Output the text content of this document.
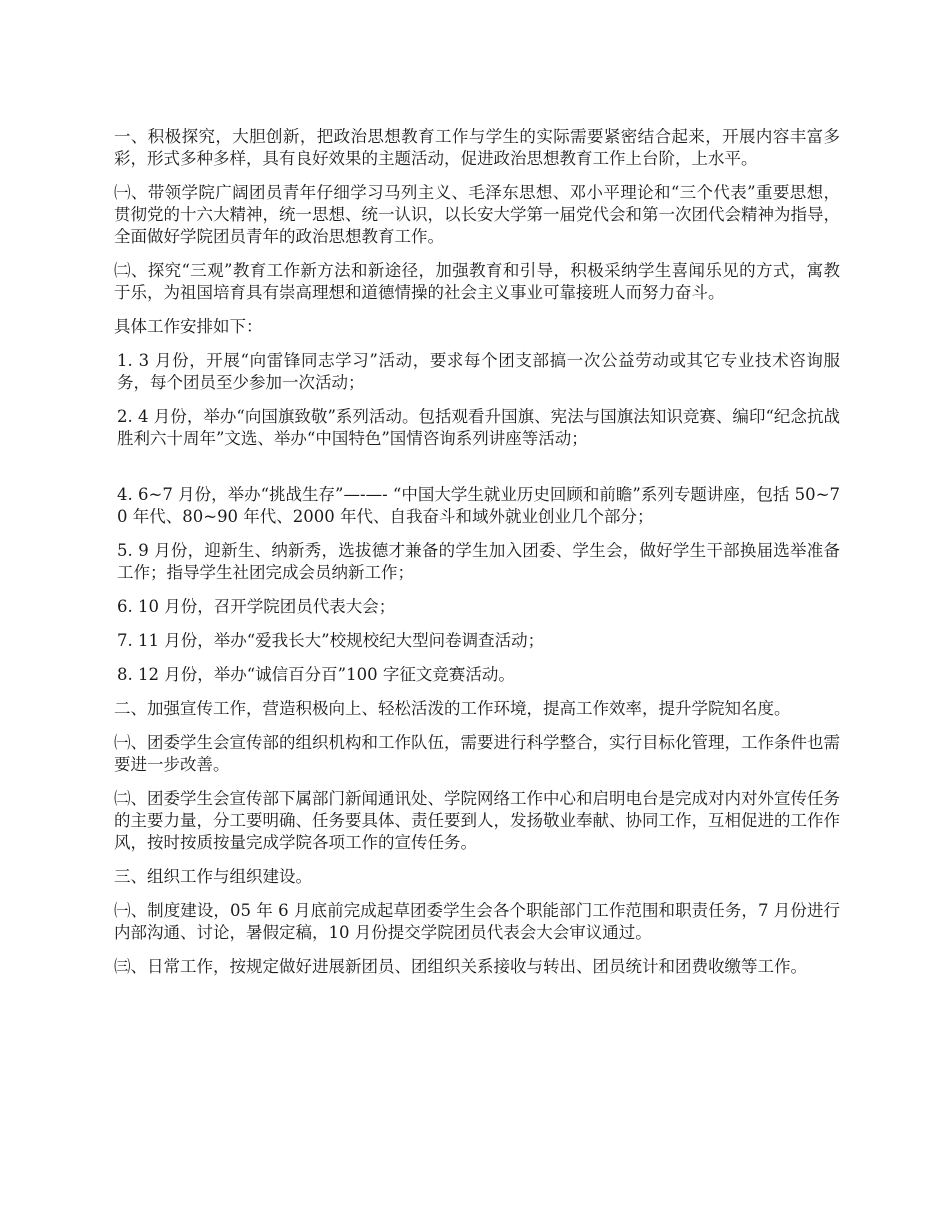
一、积极探究，大胆创新，把政治思想教育工作与学生的实际需要紧密结合起来，开展内容丰富多彩，形式多种多样，具有良好效果的主题活动，促进政治思想教育工作上台阶，上水平。

㈠、带领学院广阔团员青年仔细学习马列主义、毛泽东思想、邓小平理论和“三个代表”重要思想，贯彻党的十六大精神，统一思想、统一认识，以长安大学第一届党代会和第一次团代会精神为指导，全面做好学院团员青年的政治思想教育工作。

㈡、探究“三观”教育工作新方法和新途径，加强教育和引导，积极采纳学生喜闻乐见的方式，寓教于乐，为祖国培育具有崇高理想和道德情操的社会主义事业可靠接班人而努力奋斗。

具体工作安排如下：

1. 3 月份，开展“向雷锋同志学习”活动，要求每个团支部搞一次公益劳动或其它专业技术咨询服务，每个团员至少参加一次活动；

2. 4 月份，举办“向国旗致敬”系列活动。包括观看升国旗、宪法与国旗法知识竞赛、编印“纪念抗战胜利六十周年”文选、举办“中国特色”国情咨询系列讲座等活动；

4. 6~7 月份，举办“挑战生存”—-—- “中国大学生就业历史回顾和前瞻”系列专题讲座，包括 50~70 年代、80~90 年代、2000 年代、自我奋斗和域外就业创业几个部分；

5. 9 月份，迎新生、纳新秀，选拔德才兼备的学生加入团委、学生会，做好学生干部换届选举准备工作；指导学生社团完成会员纳新工作；

6. 10 月份，召开学院团员代表大会；

7. 11 月份，举办“爱我长大”校规校纪大型问卷调查活动；

8. 12 月份，举办“诚信百分百”100 字征文竞赛活动。

二、加强宣传工作，营造积极向上、轻松活泼的工作环境，提高工作效率，提升学院知名度。

㈠、团委学生会宣传部的组织机构和工作队伍，需要进行科学整合，实行目标化管理，工作条件也需要进一步改善。

㈡、团委学生会宣传部下属部门新闻通讯处、学院网络工作中心和启明电台是完成对内对外宣传任务的主要力量，分工要明确、任务要具体、责任要到人，发扬敬业奉献、协同工作，互相促进的工作作风，按时按质按量完成学院各项工作的宣传任务。

三、组织工作与组织建设。

㈠、制度建设，05 年 6 月底前完成起草团委学生会各个职能部门工作范围和职责任务，7 月份进行内部沟通、讨论，暑假定稿，10 月份提交学院团员代表会大会审议通过。

㈢、日常工作，按规定做好进展新团员、团组织关系接收与转出、团员统计和团费收缴等工作。
